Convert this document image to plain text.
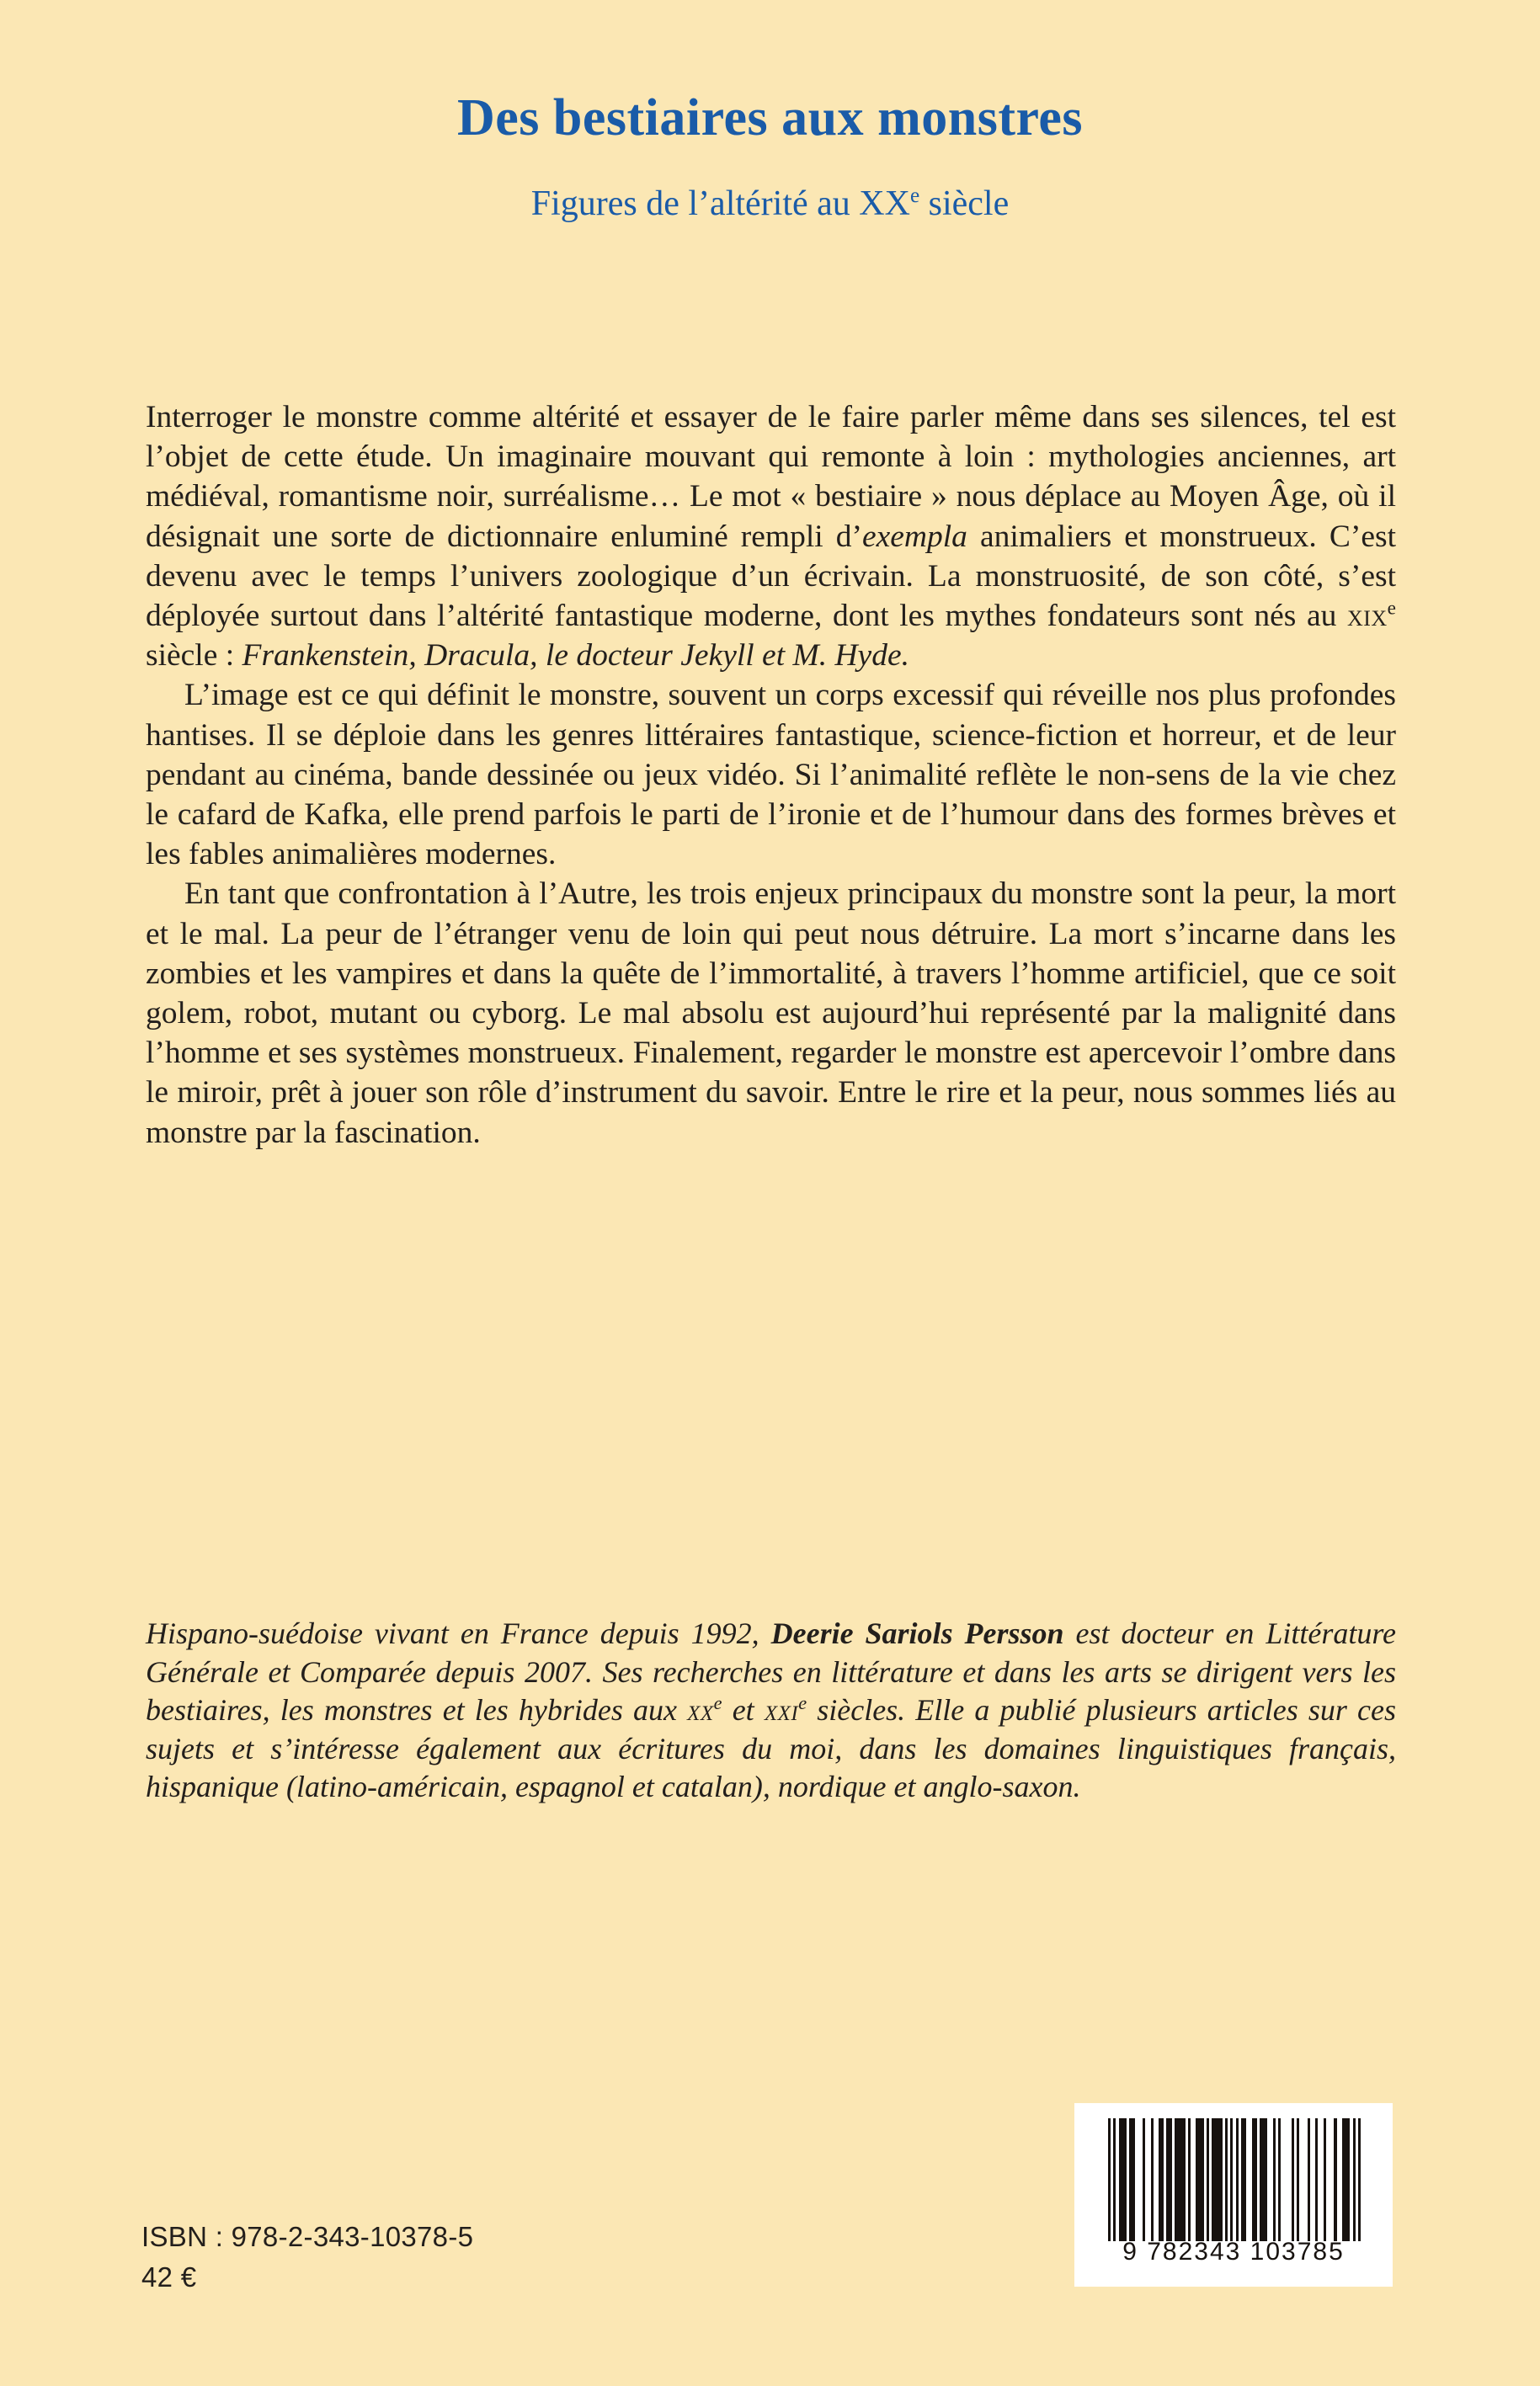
Des bestiaires aux monstres
Figures de l’altérité au XXe siècle

Interroger le monstre comme altérité et essayer de le faire parler même dans ses silences, tel est l’objet de cette étude. Un imaginaire mouvant qui remonte à loin : mythologies anciennes, art médiéval, romantisme noir, surréalisme… Le mot « bestiaire » nous déplace au Moyen Âge, où il désignait une sorte de dictionnaire enluminé rempli d’exempla animaliers et monstrueux. C’est devenu avec le temps l’univers zoologique d’un écrivain. La monstruosité, de son côté, s’est déployée surtout dans l’altérité fantastique moderne, dont les mythes fondateurs sont nés au xix$^e$ siècle : Frankenstein, Dracula, le docteur Jekyll et M. Hyde.

L’image est ce qui définit le monstre, souvent un corps excessif qui réveille nos plus profondes hantises. Il se déploie dans les genres littéraires fantastique, science-fiction et horreur, et de leur pendant au cinéma, bande dessinée ou jeux vidéo. Si l’animalité reflète le non-sens de la vie chez le cafard de Kafka, elle prend parfois le parti de l’ironie et de l’humour dans des formes brèves et les fables animalières modernes.

En tant que confrontation à l’Autre, les trois enjeux principaux du monstre sont la peur, la mort et le mal. La peur de l’étranger venu de loin qui peut nous détruire. La mort s’incarne dans les zombies et les vampires et dans la quête de l’immortalité, à travers l’homme artificiel, que ce soit golem, robot, mutant ou cyborg. Le mal absolu est aujourd’hui représenté par la malignité dans l’homme et ses systèmes monstrueux. Finalement, regarder le monstre est apercevoir l’ombre dans le miroir, prêt à jouer son rôle d’instrument du savoir. Entre le rire et la peur, nous sommes liés au monstre par la fascination.

Hispano-suédoise vivant en France depuis 1992, Deerie Sariols Persson est docteur en Littérature Générale et Comparée depuis 2007. Ses recherches en littérature et dans les arts se dirigent vers les bestiaires, les monstres et les hybrides aux $xx^e$ et xxi$^e$ siècles. Elle a publié plusieurs articles sur ces sujets et s’intéresse également aux écritures du moi, dans les domaines linguistiques français, hispanique (latino-américain, espagnol et catalan), nordique et anglo-saxon.

ISBN : 978-2-343-10378-5
42 €
9 782343 103785
